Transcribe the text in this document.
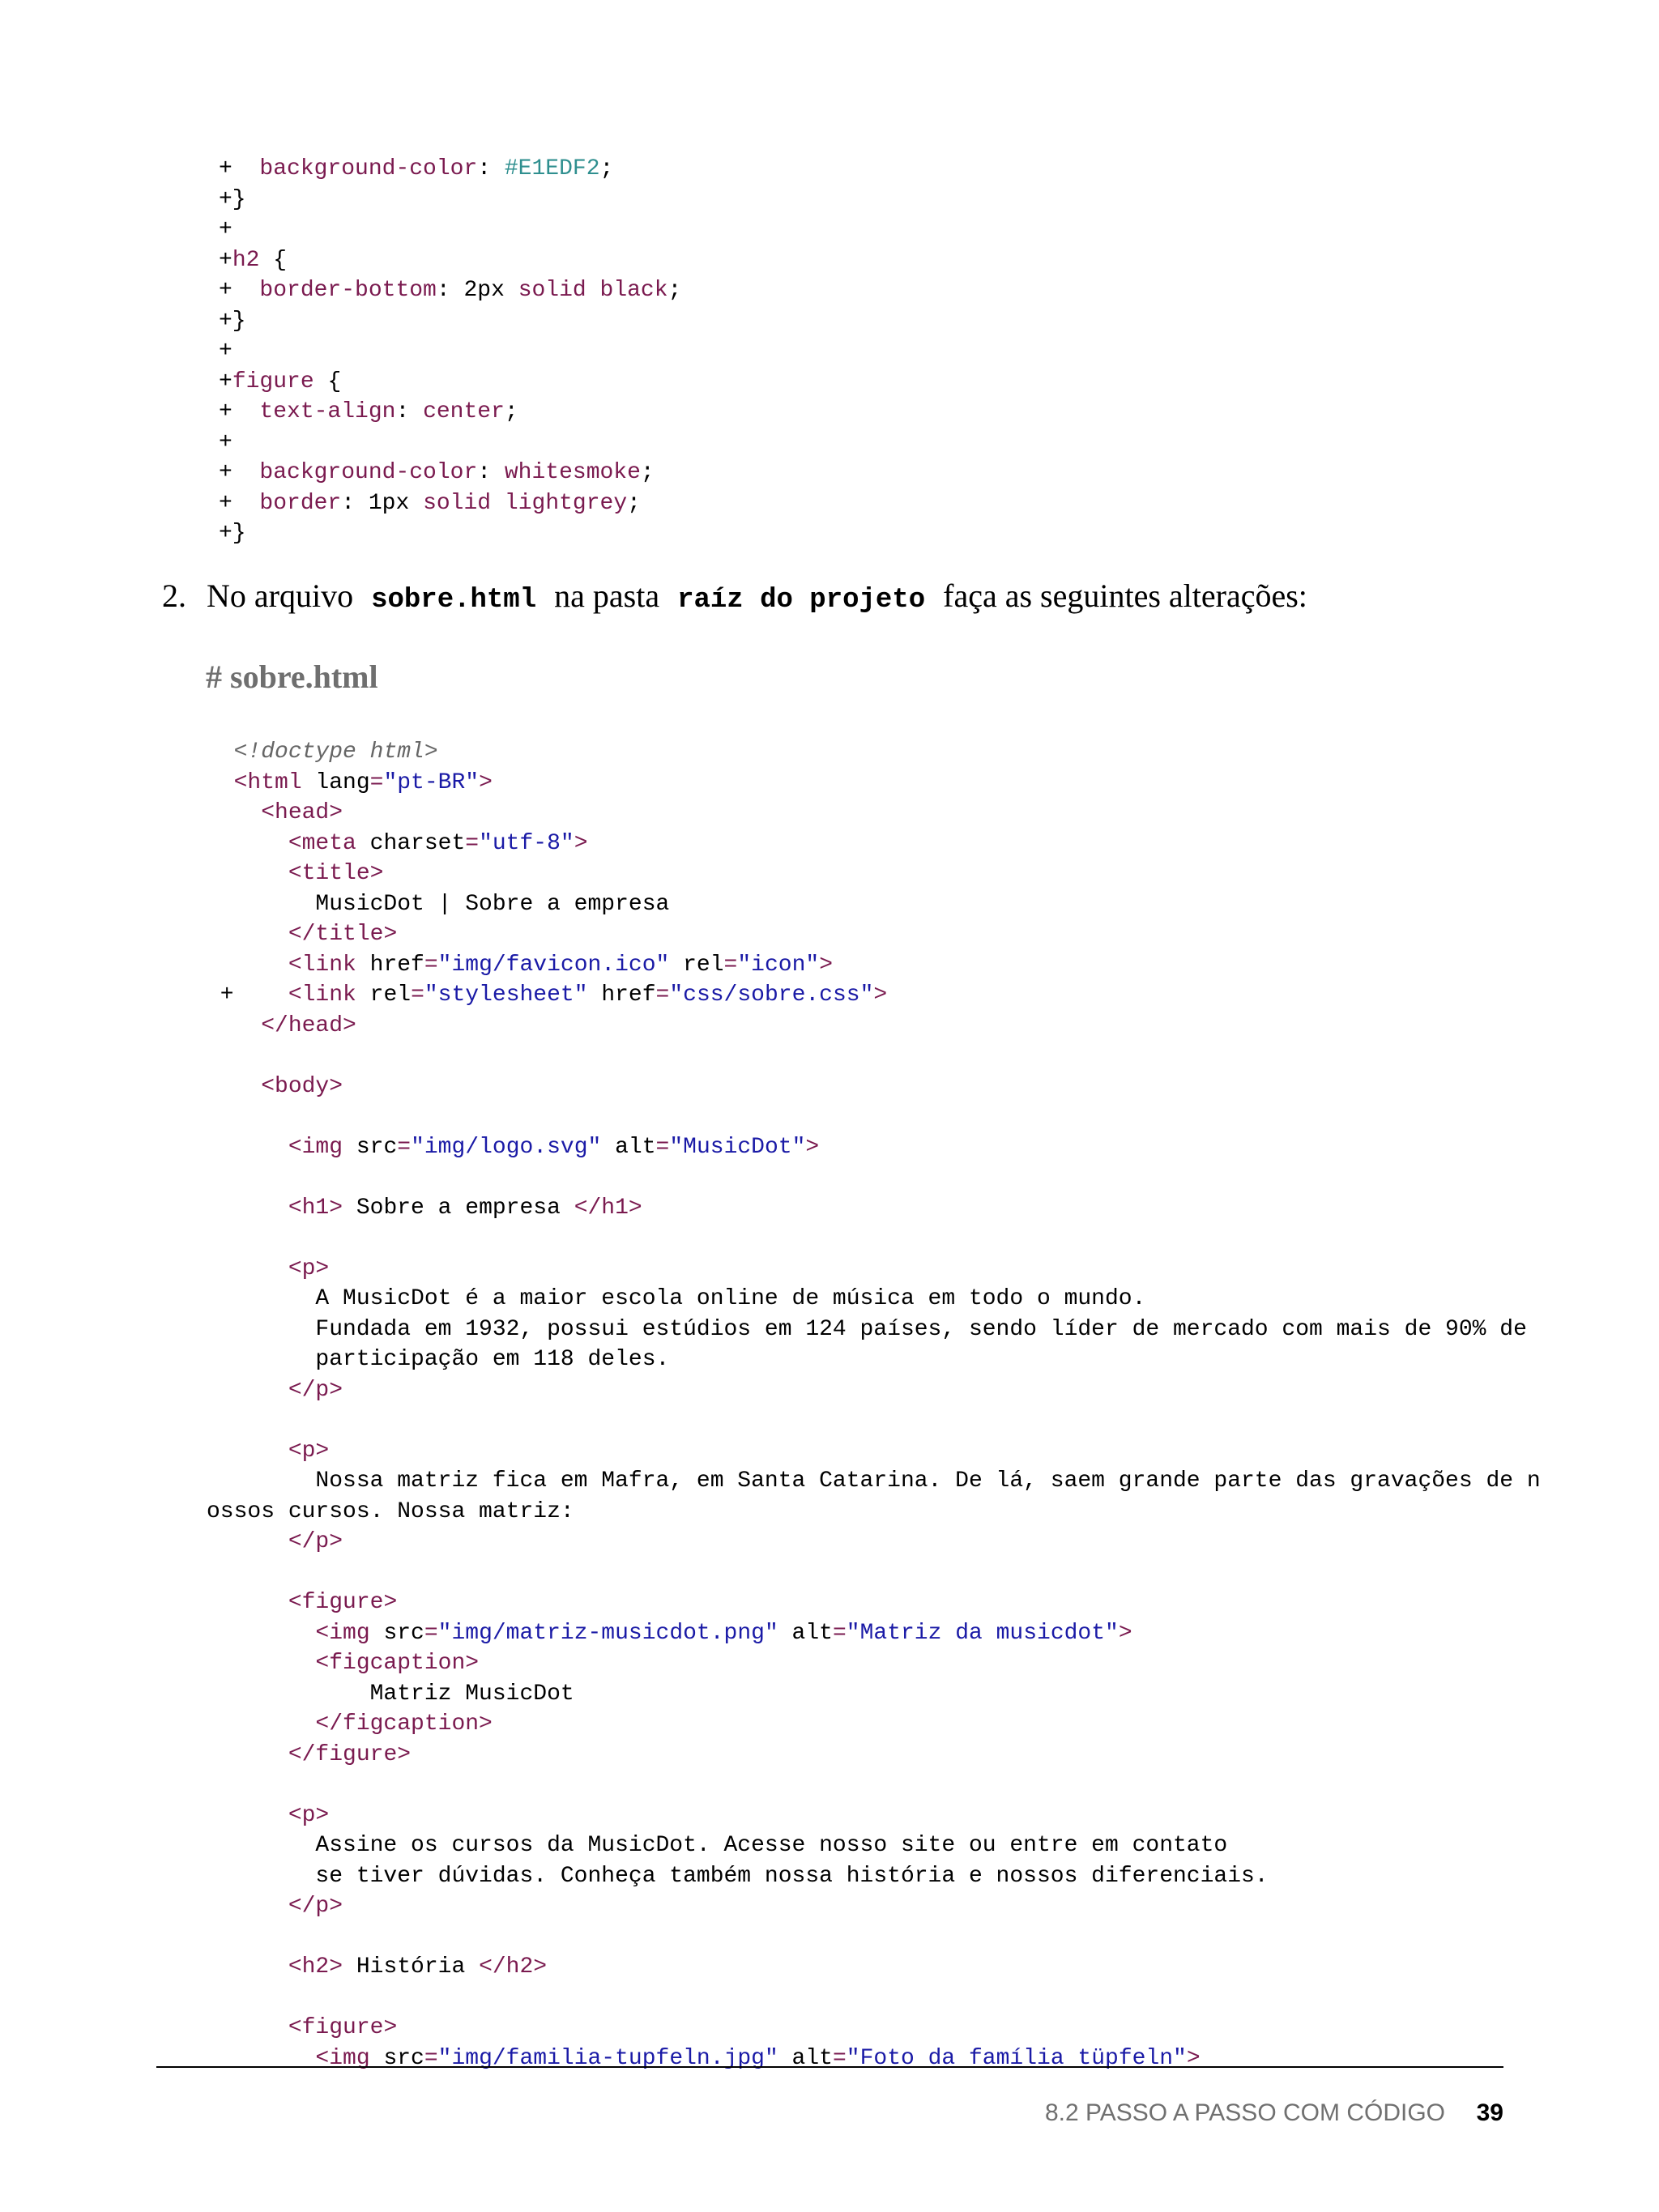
+  background-color: #E1EDF2;
+}
+
+h2 {
+  border-bottom: 2px solid black;
+}
+
+figure {
+  text-align: center;
+
+  background-color: whitesmoke;
+  border: 1px solid lightgrey;
+}
2. No arquivo sobre.html na pasta raíz do projeto faça as seguintes alterações:
# sobre.html
<!doctype html>
<html lang="pt-BR">
<head>
<meta charset="utf-8">
<title>
MusicDot | Sobre a empresa
</title>
<link href="img/favicon.ico" rel="icon">
+    <link rel="stylesheet" href="css/sobre.css">
</head>
<body>
<img src="img/logo.svg" alt="MusicDot">
<h1> Sobre a empresa </h1>
<p>
A MusicDot é a maior escola online de música em todo o mundo.
Fundada em 1932, possui estúdios em 124 países, sendo líder de mercado com mais de 90% de
participação em 118 deles.
</p>
<p>
Nossa matriz fica em Mafra, em Santa Catarina. De lá, saem grande parte das gravações de n
ossos cursos. Nossa matriz:
</p>
<figure>
<img src="img/matriz-musicdot.png" alt="Matriz da musicdot">
<figcaption>
Matriz MusicDot
</figcaption>
</figure>
<p>
Assine os cursos da MusicDot. Acesse nosso site ou entre em contato
se tiver dúvidas. Conheça também nossa história e nossos diferenciais.
</p>
<h2> História </h2>
<figure>
<img src="img/familia-tupfeln.jpg" alt="Foto da família tüpfeln">
8.2 PASSO A PASSO COM CÓDIGO 39
